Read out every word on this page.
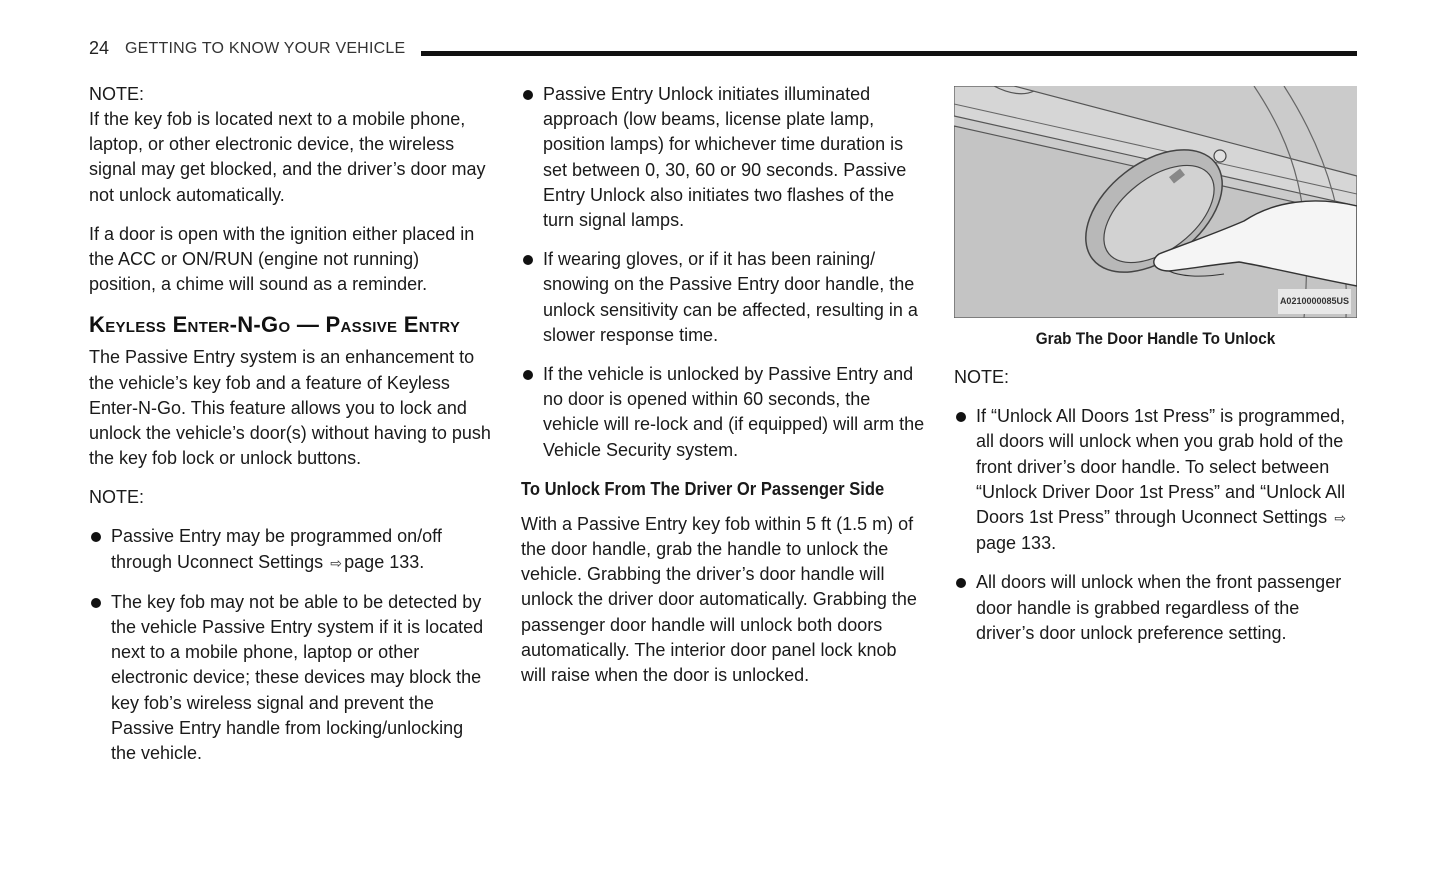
24 GETTING TO KNOW YOUR VEHICLE
NOTE:

If the key fob is located next to a mobile phone, laptop, or other electronic device, the wireless signal may get blocked, and the driver’s door may not unlock automatically.

If a door is open with the ignition either placed in the ACC or ON/RUN (engine not running) position, a chime will sound as a reminder.

Keyless Enter-N-Go — Passive Entry

The Passive Entry system is an enhancement to the vehicle’s key fob and a feature of Keyless Enter-N-Go. This feature allows you to lock and unlock the vehicle’s door(s) without having to push the key fob lock or unlock buttons.

NOTE:
Passive Entry may be programmed on/off through Uconnect Settings ⇨ page 133.
The key fob may not be able to be detected by the vehicle Passive Entry system if it is located next to a mobile phone, laptop or other electronic device; these devices may block the key fob’s wireless signal and prevent the Passive Entry handle from locking/unlocking the vehicle.
Passive Entry Unlock initiates illuminated approach (low beams, license plate lamp, position lamps) for whichever time duration is set between 0, 30, 60 or 90 seconds. Passive Entry Unlock also initiates two flashes of the turn signal lamps.
If wearing gloves, or if it has been raining/ snowing on the Passive Entry door handle, the unlock sensitivity can be affected, resulting in a slower response time.
If the vehicle is unlocked by Passive Entry and no door is opened within 60 seconds, the vehicle will re-lock and (if equipped) will arm the Vehicle Security system.
To Unlock From The Driver Or Passenger Side

With a Passive Entry key fob within 5 ft (1.5 m) of the door handle, grab the handle to unlock the vehicle. Grabbing the driver’s door handle will unlock the driver door automatically. Grabbing the passenger door handle will unlock both doors automatically. The interior door panel lock knob will raise when the door is unlocked.

A0210000085US
Grab The Door Handle To Unlock
NOTE:
If “Unlock All Doors 1st Press” is programmed, all doors will unlock when you grab hold of the front driver’s door handle. To select between “Unlock Driver Door 1st Press” and “Unlock All Doors 1st Press” through Uconnect Settings ⇨page 133.
All doors will unlock when the front passenger door handle is grabbed regardless of the driver’s door unlock preference setting.
